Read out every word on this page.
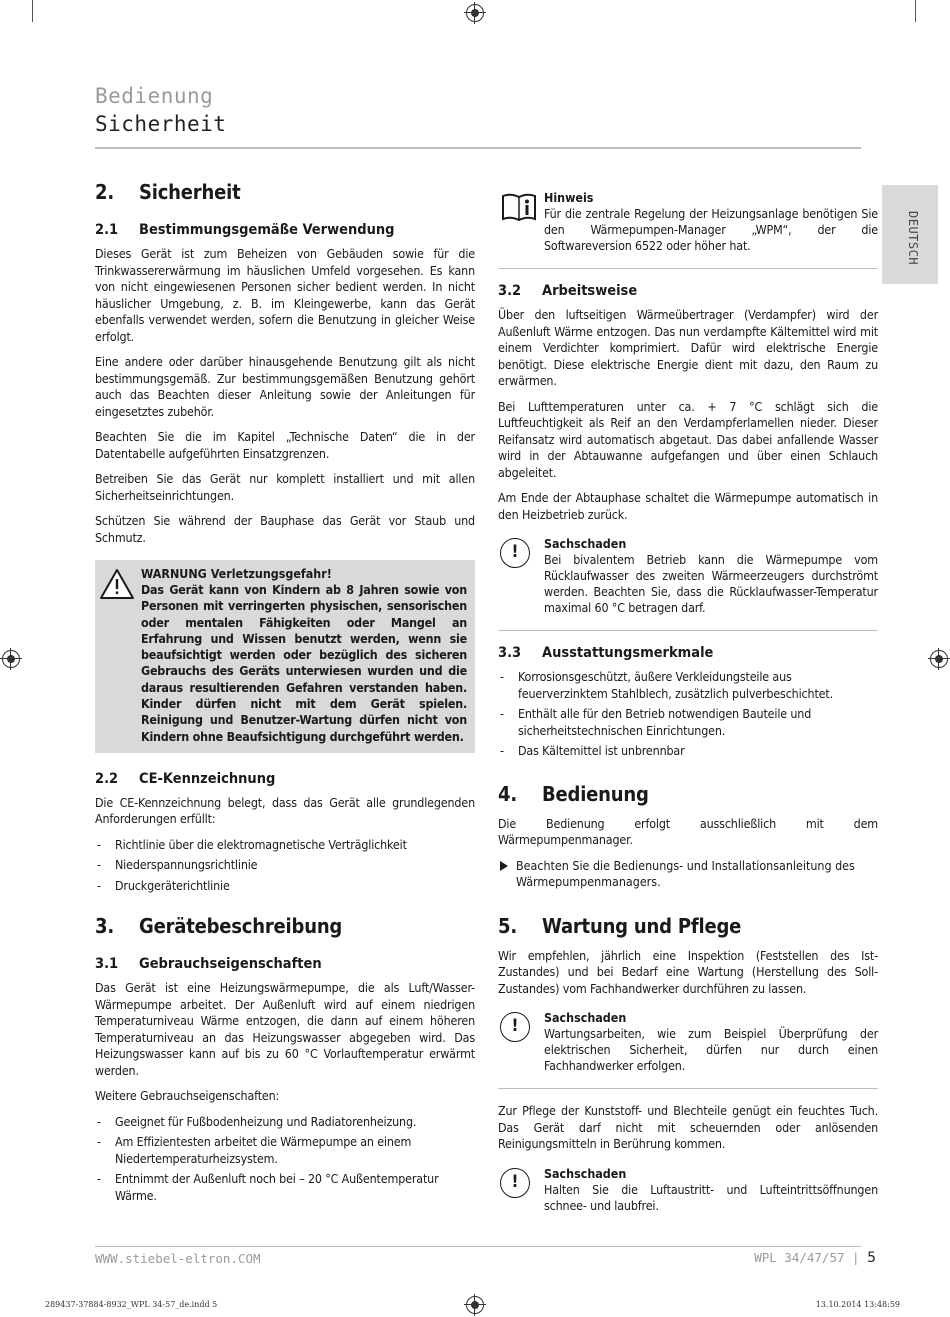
Bedienung
Sicherheit
DEUTSCH
2. Sicherheit
2.1 Bestimmungsgemäße Verwendung

Dieses Gerät ist zum Beheizen von Gebäuden sowie für die Trinkwassererwärmung im häuslichen Umfeld vorgesehen. Es kann von nicht eingewiesenen Personen sicher bedient werden. In nicht häuslicher Umgebung, z. B. im Kleingewerbe, kann das Gerät ebenfalls verwendet werden, sofern die Benutzung in gleicher Weise erfolgt.

Eine andere oder darüber hinausgehende Benutzung gilt als nicht bestimmungsgemäß. Zur bestimmungsgemäßen Benutzung gehört auch das Beachten dieser Anleitung sowie der Anleitungen für eingesetztes zubehör.

Beachten Sie die im Kapitel „Technische Daten“ die in der Datentabelle aufgeführten Einsatzgrenzen.

Betreiben Sie das Gerät nur komplett installiert und mit allen Sicherheitseinrichtungen.

Schützen Sie während der Bauphase das Gerät vor Staub und Schmutz.

WARNUNG Verletzungsgefahr!
Das Gerät kann von Kindern ab 8 Jahren sowie von Personen mit verringerten physischen, sensorischen oder mentalen Fähigkeiten oder Mangel an Erfahrung und Wissen benutzt werden, wenn sie beaufsichtigt werden oder bezüglich des sicheren Gebrauchs des Geräts unterwiesen wurden und die daraus resultierenden Gefahren verstanden haben. Kinder dürfen nicht mit dem Gerät spielen. Reinigung und Benutzer-Wartung dürfen nicht von Kindern ohne Beaufsichtigung durchgeführt werden.
2.2 CE-Kennzeichnung

Die CE-Kennzeichnung belegt, dass das Gerät alle grundlegenden Anforderungen erfüllt:

- Richtlinie über die elektromagnetische Verträglichkeit
- Niederspannungsrichtlinie
- Druckgeräterichtlinie
3. Gerätebeschreibung
3.1 Gebrauchseigenschaften

Das Gerät ist eine Heizungswärmepumpe, die als Luft/Wasser-Wärmepumpe arbeitet. Der Außenluft wird auf einem niedrigen Temperaturniveau Wärme entzogen, die dann auf einem höheren Temperaturniveau an das Heizungswasser abgegeben wird. Das Heizungswasser kann auf bis zu 60 °C Vorlauftemperatur erwärmt werden.

Weitere Gebrauchseigenschaften:

- Geeignet für Fußbodenheizung und Radiatorenheizung.
- Am Effizientesten arbeitet die Wärmepumpe an einem Niedertemperaturheizsystem.
- Entnimmt der Außenluft noch bei – 20 °C Außentemperatur Wärme.
Hinweis
Für die zentrale Regelung der Heizungsanlage benötigen Sie den Wärmepumpen-Manager „WPM“, der die Softwareversion 6522 oder höher hat.
3.2 Arbeitsweise

Über den luftseitigen Wärmeübertrager (Verdampfer) wird der Außenluft Wärme entzogen. Das nun verdampfte Kältemittel wird mit einem Verdichter komprimiert. Dafür wird elektrische Energie benötigt. Diese elektrische Energie dient mit dazu, den Raum zu erwärmen.

Bei Lufttemperaturen unter ca. + 7 °C schlägt sich die Luftfeuchtigkeit als Reif an den Verdampferlamellen nieder. Dieser Reifansatz wird automatisch abgetaut. Das dabei anfallende Wasser wird in der Abtauwanne aufgefangen und über einen Schlauch abgeleitet.

Am Ende der Abtauphase schaltet die Wärmepumpe automatisch in den Heizbetrieb zurück.

!	Sachschaden
Bei bivalentem Betrieb kann die Wärmepumpe vom Rücklaufwasser des zweiten Wärmeerzeugers durchströmt werden. Beachten Sie, dass die Rücklaufwasser-Temperatur maximal 60 °C betragen darf.
3.3 Ausstattungsmerkmale
- Korrosionsgeschützt, äußere Verkleidungsteile aus feuerverzinktem Stahlblech, zusätzlich pulverbeschichtet.
- Enthält alle für den Betrieb notwendigen Bauteile und sicherheitstechnischen Einrichtungen.
- Das Kältemittel ist unbrennbar
4. Bedienung

Die Bedienung erfolgt ausschließlich mit dem Wärmepumpenmanager.

Beachten Sie die Bedienungs- und Installationsanleitung des Wärmepumpenmanagers.
5. Wartung und Pflege

Wir empfehlen, jährlich eine Inspektion (Feststellen des Ist-Zustandes) und bei Bedarf eine Wartung (Herstellung des Soll-Zustandes) vom Fachhandwerker durchführen zu lassen.

!	Sachschaden
Wartungsarbeiten, wie zum Beispiel Überprüfung der elektrischen Sicherheit, dürfen nur durch einen Fachhandwerker erfolgen.

Zur Pflege der Kunststoff- und Blechteile genügt ein feuchtes Tuch. Das Gerät darf nicht mit scheuernden oder anlösenden Reinigungsmitteln in Berührung kommen.

!	Sachschaden
Halten Sie die Luftaustritt- und Lufteintrittsöffnungen schnee- und laubfrei.
WWW.stiebel-eltron.COM	WPL 34/47/57 | 5
289437-37884-8932_WPL 34-57_de.indd 5	13.10.2014 13:48:59
